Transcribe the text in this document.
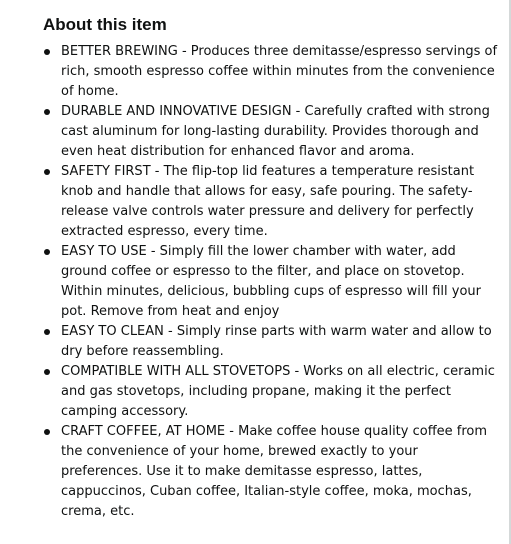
About this item
BETTER BREWING - Produces three demitasse/espresso servings of rich, smooth espresso coffee within minutes from the convenience of home.
DURABLE AND INNOVATIVE DESIGN - Carefully crafted with strong cast aluminum for long-lasting durability. Provides thorough and even heat distribution for enhanced flavor and aroma.
SAFETY FIRST - The flip-top lid features a temperature resistant knob and handle that allows for easy, safe pouring. The safety-release valve controls water pressure and delivery for perfectly extracted espresso, every time.
EASY TO USE - Simply fill the lower chamber with water, add ground coffee or espresso to the filter, and place on stovetop. Within minutes, delicious, bubbling cups of espresso will fill your pot. Remove from heat and enjoy
EASY TO CLEAN - Simply rinse parts with warm water and allow to dry before reassembling.
COMPATIBLE WITH ALL STOVETOPS - Works on all electric, ceramic and gas stovetops, including propane, making it the perfect camping accessory.
CRAFT COFFEE, AT HOME - Make coffee house quality coffee from the convenience of your home, brewed exactly to your preferences. Use it to make demitasse espresso, lattes, cappuccinos, Cuban coffee, Italian-style coffee, moka, mochas, crema, etc.
